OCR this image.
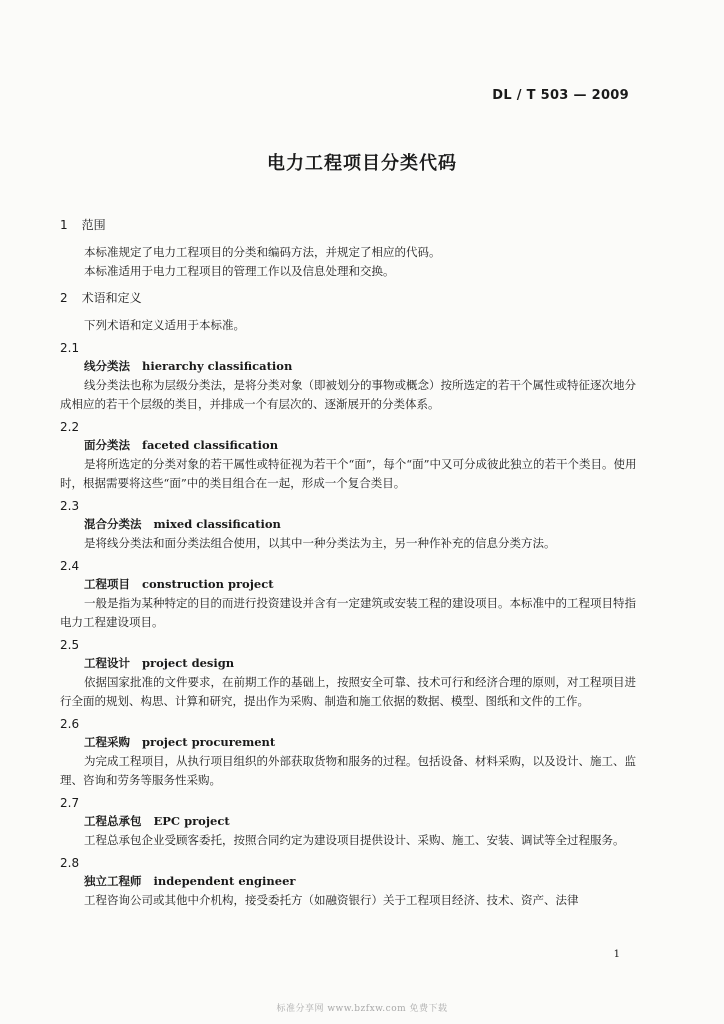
DL / T 503 — 2009
电力工程项目分类代码
1 范围

本标准规定了电力工程项目的分类和编码方法，并规定了相应的代码。

本标准适用于电力工程项目的管理工作以及信息处理和交换。

2 术语和定义

下列术语和定义适用于本标准。

2.1
线分类法 hierarchy classification

线分类法也称为层级分类法，是将分类对象（即被划分的事物或概念）按所选定的若干个属性或特征逐次地分成相应的若干个层级的类目，并排成一个有层次的、逐渐展开的分类体系。

2.2
面分类法 faceted classification

是将所选定的分类对象的若干属性或特征视为若干个“面”，每个“面”中又可分成彼此独立的若干个类目。使用时，根据需要将这些“面”中的类目组合在一起，形成一个复合类目。

2.3
混合分类法 mixed classification

是将线分类法和面分类法组合使用，以其中一种分类法为主，另一种作补充的信息分类方法。

2.4
工程项目 construction project

一般是指为某种特定的目的而进行投资建设并含有一定建筑或安装工程的建设项目。本标准中的工程项目特指电力工程建设项目。

2.5
工程设计 project design

依据国家批准的文件要求，在前期工作的基础上，按照安全可靠、技术可行和经济合理的原则，对工程项目进行全面的规划、构思、计算和研究，提出作为采购、制造和施工依据的数据、模型、图纸和文件的工作。

2.6
工程采购 project procurement

为完成工程项目，从执行项目组织的外部获取货物和服务的过程。包括设备、材料采购，以及设计、施工、监理、咨询和劳务等服务性采购。

2.7
工程总承包 EPC project

工程总承包企业受顾客委托，按照合同约定为建设项目提供设计、采购、施工、安装、调试等全过程服务。

2.8
独立工程师 independent engineer

工程咨询公司或其他中介机构，接受委托方（如融资银行）关于工程项目经济、技术、资产、法律

1
标准分享网 www.bzfxw.com 免费下载
